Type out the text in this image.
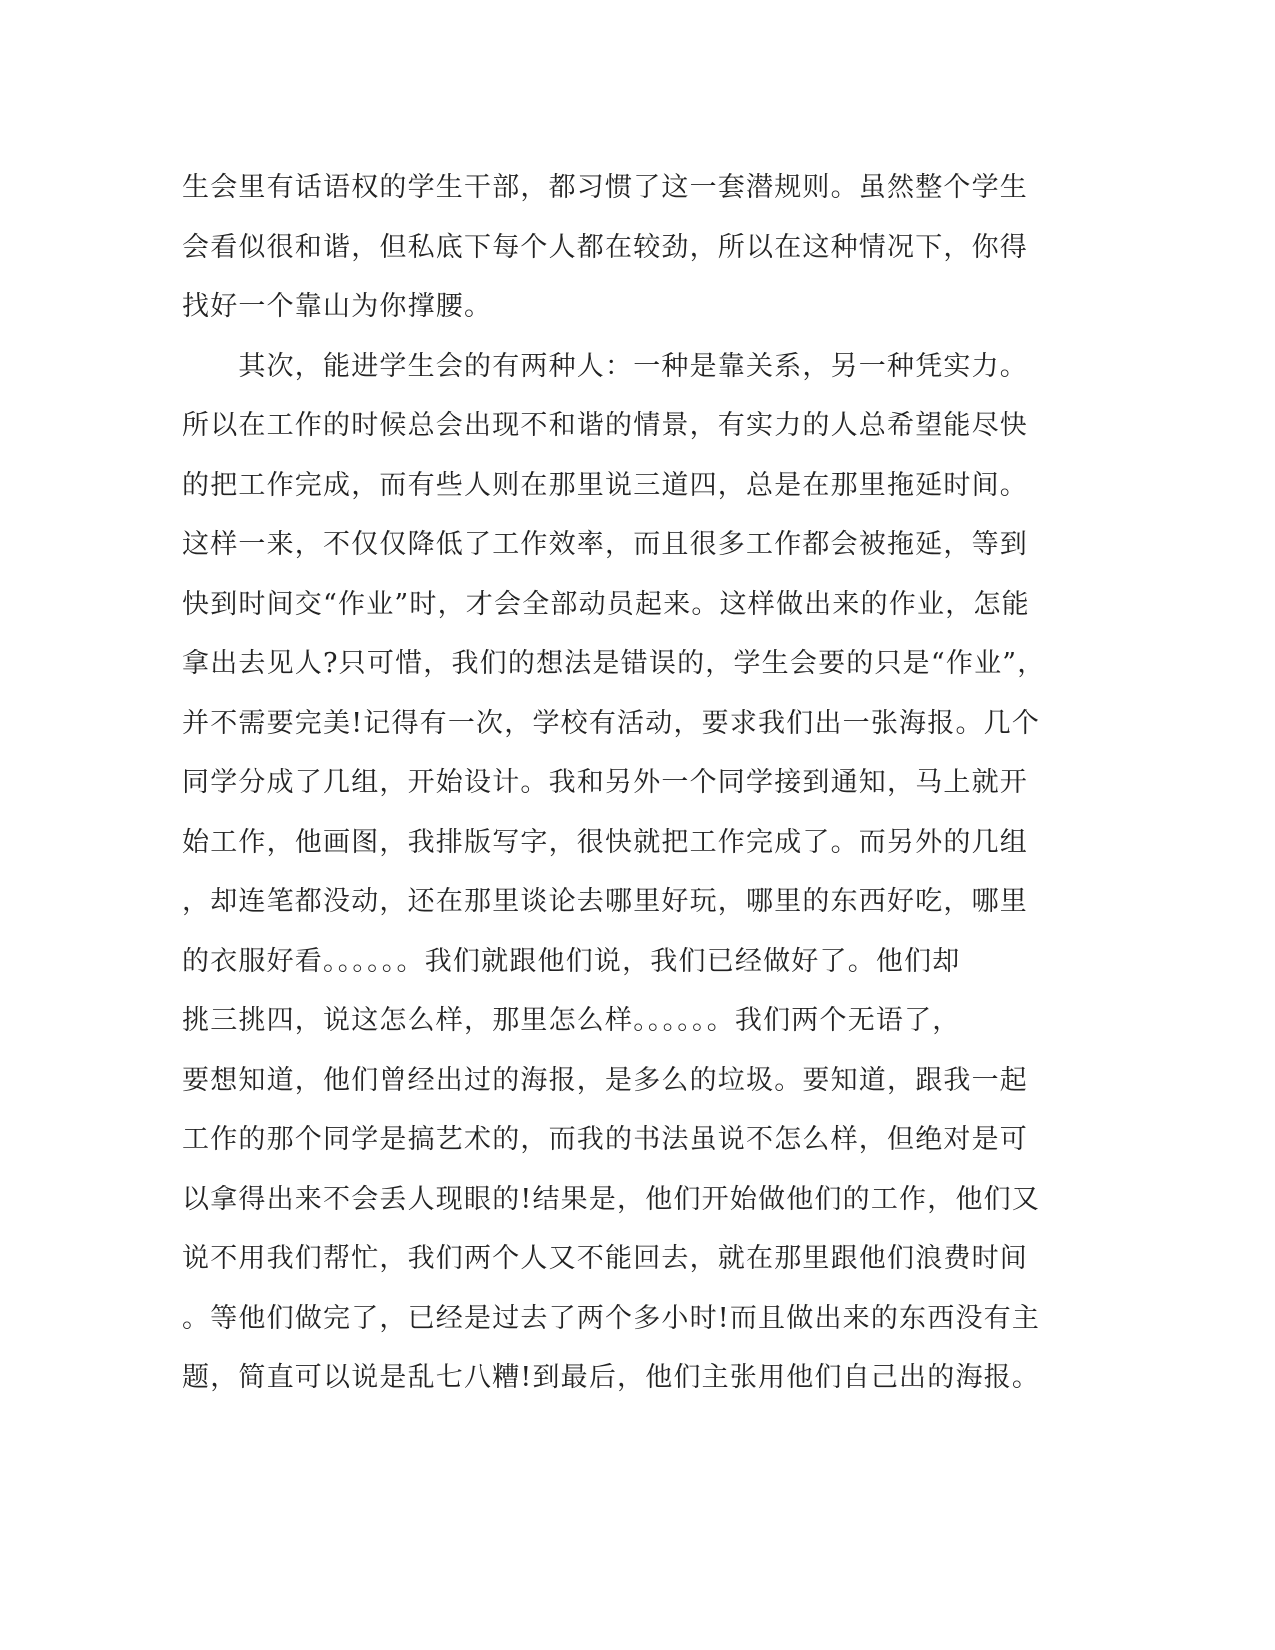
生会里有话语权的学生干部，都习惯了这一套潜规则。虽然整个学生
会看似很和谐，但私底下每个人都在较劲，所以在这种情况下，你得
找好一个靠山为你撑腰。
　　其次，能进学生会的有两种人：一种是靠关系，另一种凭实力。
所以在工作的时候总会出现不和谐的情景，有实力的人总希望能尽快
的把工作完成，而有些人则在那里说三道四，总是在那里拖延时间。
这样一来，不仅仅降低了工作效率，而且很多工作都会被拖延，等到
快到时间交“作业”时，才会全部动员起来。这样做出来的作业，怎能
拿出去见人?只可惜，我们的想法是错误的，学生会要的只是“作业”，
并不需要完美!记得有一次，学校有活动，要求我们出一张海报。几个
同学分成了几组，开始设计。我和另外一个同学接到通知，马上就开
始工作，他画图，我排版写字，很快就把工作完成了。而另外的几组
，却连笔都没动，还在那里谈论去哪里好玩，哪里的东西好吃，哪里
的衣服好看。。。。。。我们就跟他们说，我们已经做好了。他们却
挑三挑四，说这怎么样，那里怎么样。。。。。。我们两个无语了，
要想知道，他们曾经出过的海报，是多么的垃圾。要知道，跟我一起
工作的那个同学是搞艺术的，而我的书法虽说不怎么样，但绝对是可
以拿得出来不会丢人现眼的!结果是，他们开始做他们的工作，他们又
说不用我们帮忙，我们两个人又不能回去，就在那里跟他们浪费时间
。等他们做完了，已经是过去了两个多小时!而且做出来的东西没有主
题，简直可以说是乱七八糟!到最后，他们主张用他们自己出的海报。
